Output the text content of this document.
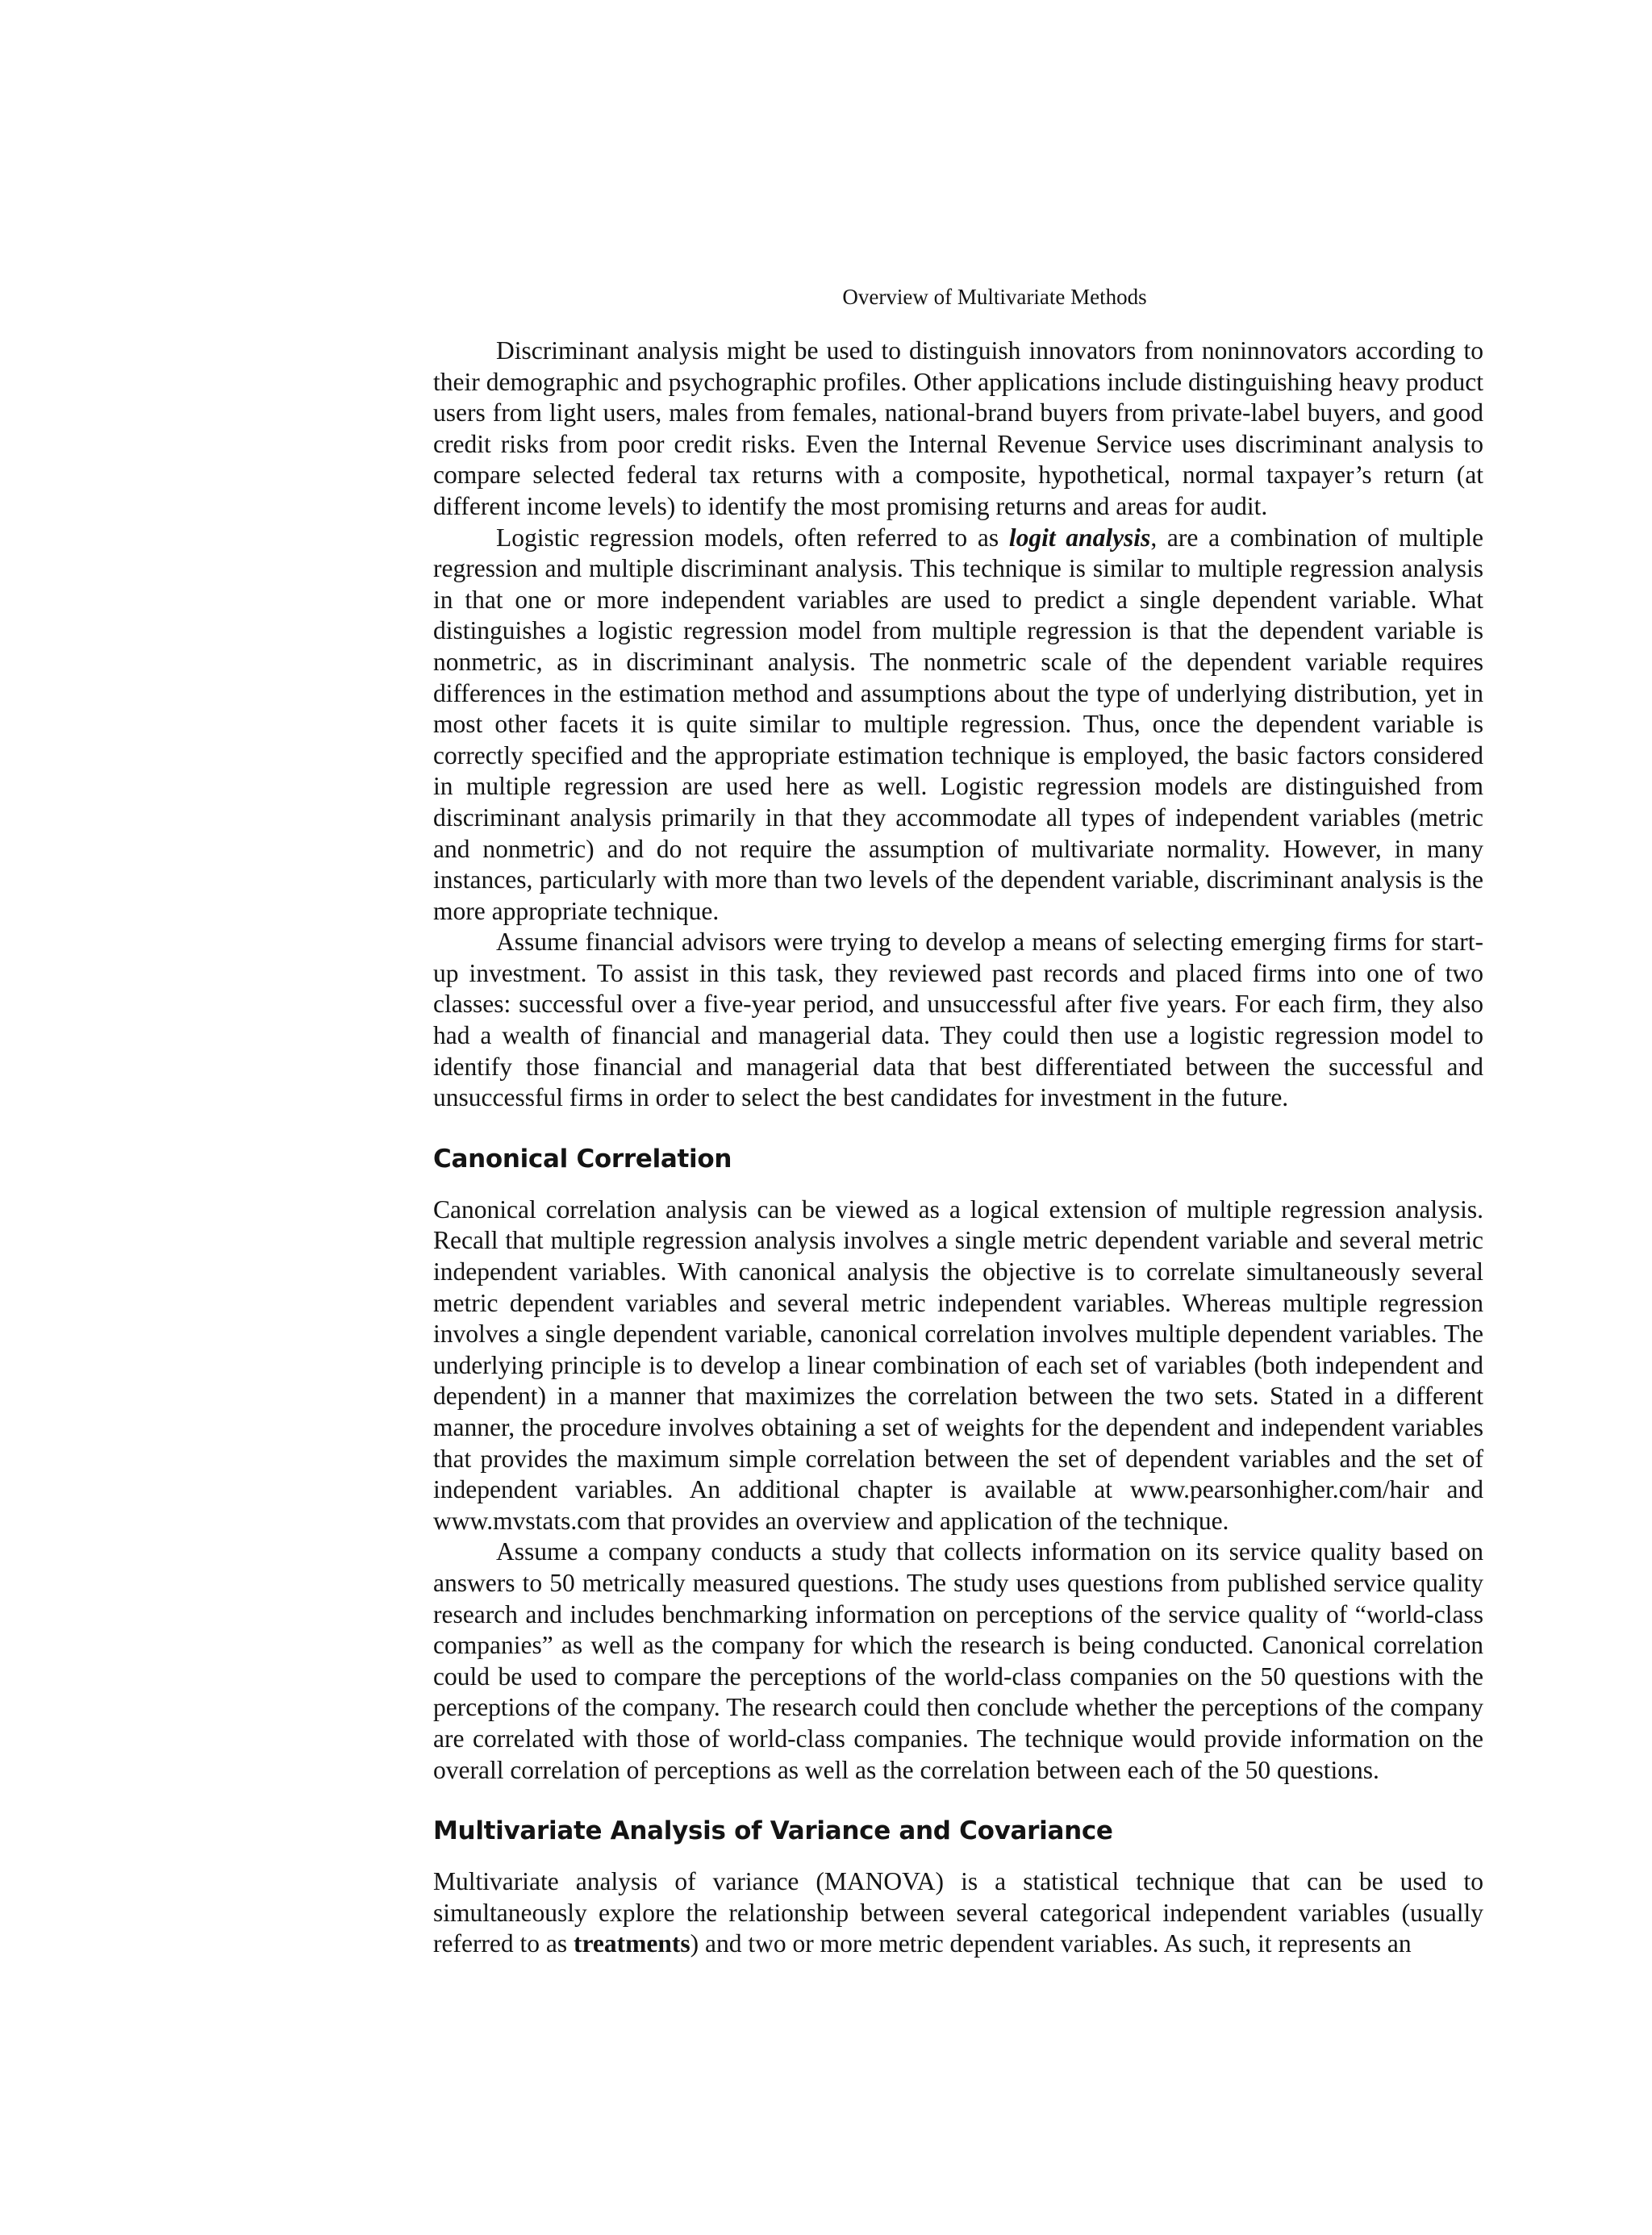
Overview of Multivariate Methods

Discriminant analysis might be used to distinguish innovators from noninnovators according to their demographic and psychographic profiles. Other applications include distinguishing heavy product users from light users, males from females, national-brand buyers from private-label buyers, and good credit risks from poor credit risks. Even the Internal Revenue Service uses discriminant analysis to compare selected federal tax returns with a composite, hypothetical, normal taxpayer’s return (at different income levels) to identify the most promising returns and areas for audit.

Logistic regression models, often referred to as logit analysis, are a combination of multiple regression and multiple discriminant analysis. This technique is similar to multiple regression analysis in that one or more independent variables are used to predict a single dependent variable. What distinguishes a logistic regression model from multiple regression is that the dependent variable is nonmetric, as in discriminant analysis. The nonmetric scale of the dependent variable requires differences in the estimation method and assumptions about the type of underlying distribution, yet in most other facets it is quite similar to multiple regression. Thus, once the dependent variable is correctly specified and the appropriate estimation technique is employed, the basic factors considered in multiple regression are used here as well. Logistic regression models are distinguished from discriminant analysis primarily in that they accommodate all types of independent variables (metric and nonmetric) and do not require the assumption of multivariate normality. However, in many instances, particularly with more than two levels of the dependent variable, discriminant analysis is the more appropriate technique.

Assume financial advisors were trying to develop a means of selecting emerging firms for start-up investment. To assist in this task, they reviewed past records and placed firms into one of two classes: successful over a five-year period, and unsuccessful after five years. For each firm, they also had a wealth of financial and managerial data. They could then use a logistic regression model to identify those financial and managerial data that best differentiated between the successful and unsuccessful firms in order to select the best candidates for investment in the future.

Canonical Correlation

Canonical correlation analysis can be viewed as a logical extension of multiple regression analysis. Recall that multiple regression analysis involves a single metric dependent variable and several metric independent variables. With canonical analysis the objective is to correlate simultaneously several metric dependent variables and several metric independent variables. Whereas multiple regression involves a single dependent variable, canonical correlation involves multiple dependent variables. The underlying principle is to develop a linear combination of each set of variables (both independent and dependent) in a manner that maximizes the correlation between the two sets. Stated in a different manner, the procedure involves obtaining a set of weights for the dependent and independent variables that provides the maximum simple correlation between the set of dependent variables and the set of independent variables. An additional chapter is available at www.pearsonhigher.com/hair and www.mvstats.com that provides an overview and application of the technique.

Assume a company conducts a study that collects information on its service quality based on answers to 50 metrically measured questions. The study uses questions from published service quality research and includes benchmarking information on perceptions of the service quality of “world-class companies” as well as the company for which the research is being conducted. Canonical correlation could be used to compare the perceptions of the world-class companies on the 50 questions with the perceptions of the company. The research could then conclude whether the perceptions of the company are correlated with those of world-class companies. The technique would provide information on the overall correlation of perceptions as well as the correlation between each of the 50 questions.

Multivariate Analysis of Variance and Covariance

Multivariate analysis of variance (MANOVA) is a statistical technique that can be used to simultaneously explore the relationship between several categorical independent variables (usually referred to as treatments) and two or more metric dependent variables. As such, it represents an
